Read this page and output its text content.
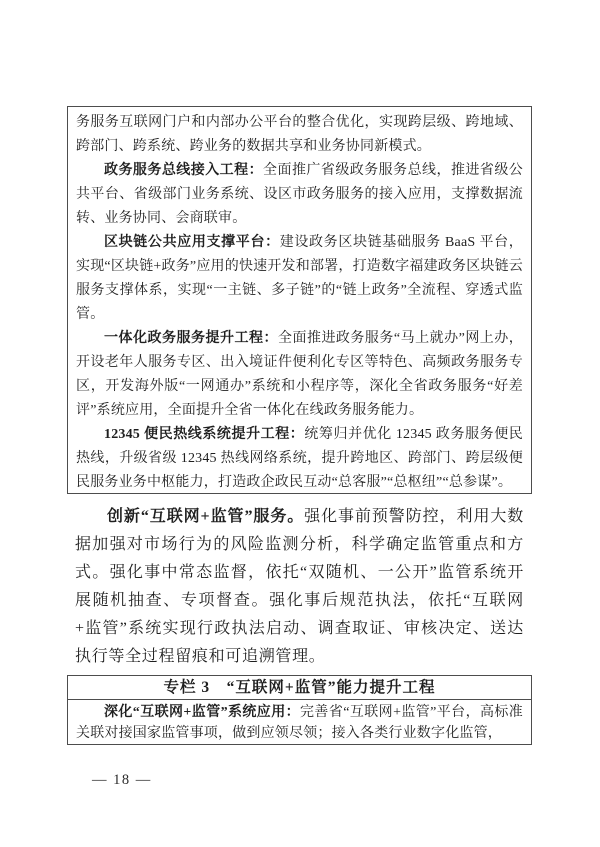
务服务互联网门户和内部办公平台的整合优化，实现跨层级、跨地域、跨部门、跨系统、跨业务的数据共享和业务协同新模式。

政务服务总线接入工程：全面推广省级政务服务总线，推进省级公共平台、省级部门业务系统、设区市政务服务的接入应用，支撑数据流转、业务协同、会商联审。

区块链公共应用支撑平台：建设政务区块链基础服务 BaaS 平台，实现“区块链+政务”应用的快速开发和部署，打造数字福建政务区块链云服务支撑体系，实现“一主链、多子链”的“链上政务”全流程、穿透式监管。

一体化政务服务提升工程：全面推进政务服务“马上就办”网上办，开设老年人服务专区、出入境证件便利化专区等特色、高频政务服务专区，开发海外版“一网通办”系统和小程序等，深化全省政务服务“好差评”系统应用，全面提升全省一体化在线政务服务能力。

12345 便民热线系统提升工程：统筹归并优化 12345 政务服务便民热线，升级省级 12345 热线网络系统，提升跨地区、跨部门、跨层级便民服务业务中枢能力，打造政企政民互动“总客服”“总枢纽”“总参谋”。

创新“互联网+监管”服务。强化事前预警防控，利用大数据加强对市场行为的风险监测分析，科学确定监管重点和方式。强化事中常态监督，依托“双随机、一公开”监管系统开展随机抽查、专项督查。强化事后规范执法，依托“互联网+监管”系统实现行政执法启动、调查取证、审核决定、送达执行等全过程留痕和可追溯管理。

专栏 3　“互联网+监管”能力提升工程

深化“互联网+监管”系统应用：完善省“互联网+监管”平台，高标准关联对接国家监管事项，做到应领尽领；接入各类行业数字化监管，

— 18 —
